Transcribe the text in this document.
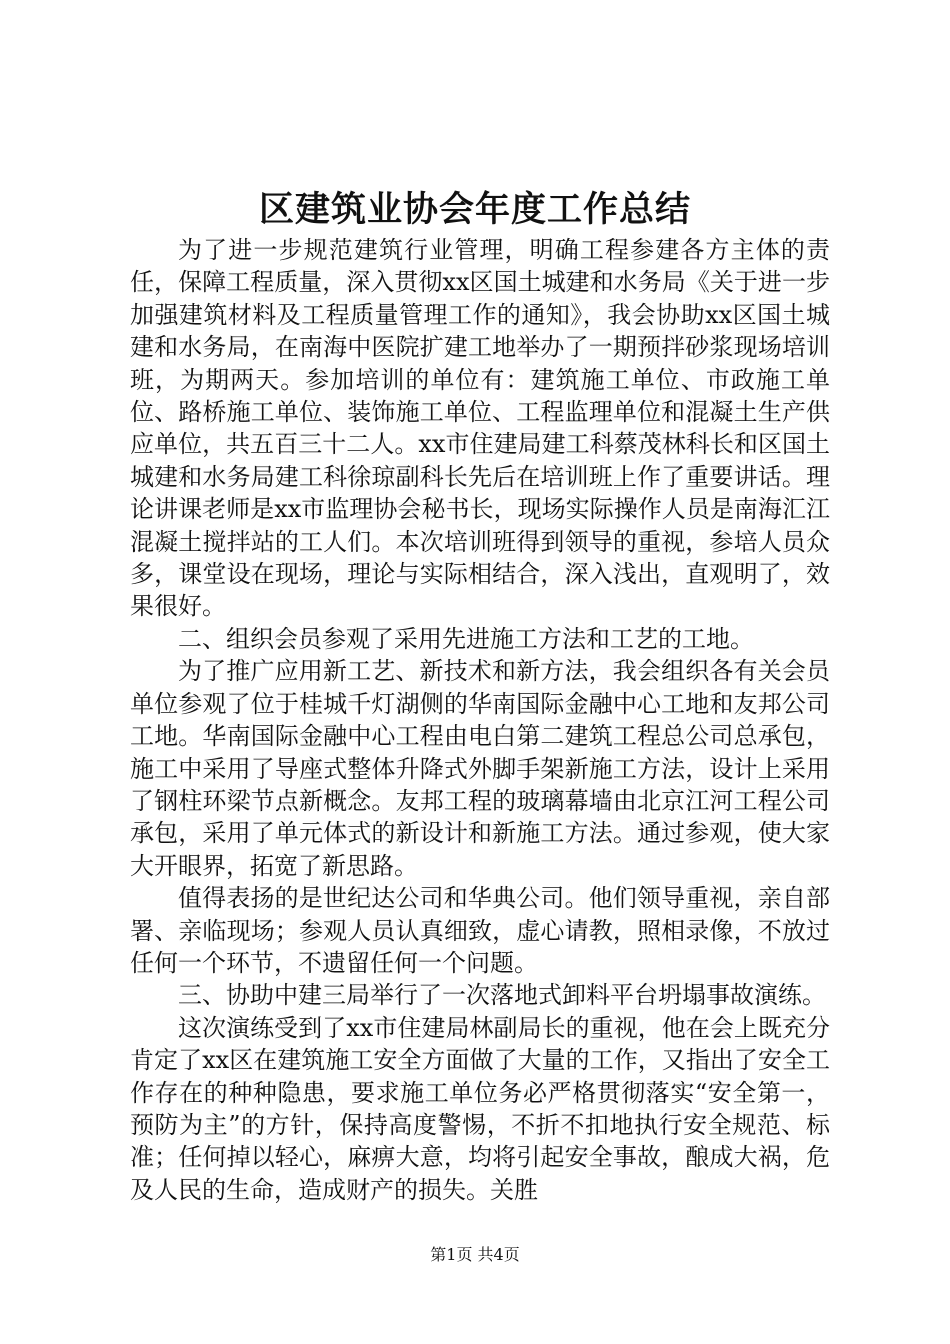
区建筑业协会年度工作总结

为了进一步规范建筑行业管理，明确工程参建各方主体的责任，保障工程质量，深入贯彻xx区国土城建和水务局《关于进一步加强建筑材料及工程质量管理工作的通知》，我会协助xx区国土城建和水务局，在南海中医院扩建工地举办了一期预拌砂浆现场培训班，为期两天。参加培训的单位有：建筑施工单位、市政施工单位、路桥施工单位、装饰施工单位、工程监理单位和混凝土生产供应单位，共五百三十二人。xx市住建局建工科蔡茂林科长和区国土城建和水务局建工科徐琼副科长先后在培训班上作了重要讲话。理论讲课老师是xx市监理协会秘书长，现场实际操作人员是南海汇江混凝土搅拌站的工人们。本次培训班得到领导的重视，参培人员众多，课堂设在现场，理论与实际相结合，深入浅出，直观明了，效果很好。

二、组织会员参观了采用先进施工方法和工艺的工地。

为了推广应用新工艺、新技术和新方法，我会组织各有关会员单位参观了位于桂城千灯湖侧的华南国际金融中心工地和友邦公司工地。华南国际金融中心工程由电白第二建筑工程总公司总承包，施工中采用了导座式整体升降式外脚手架新施工方法，设计上采用了钢柱环梁节点新概念。友邦工程的玻璃幕墙由北京江河工程公司承包，采用了单元体式的新设计和新施工方法。通过参观，使大家大开眼界，拓宽了新思路。

值得表扬的是世纪达公司和华典公司。他们领导重视，亲自部署、亲临现场；参观人员认真细致，虚心请教，照相录像，不放过任何一个环节，不遗留任何一个问题。

三、协助中建三局举行了一次落地式卸料平台坍塌事故演练。

这次演练受到了xx市住建局林副局长的重视，他在会上既充分肯定了xx区在建筑施工安全方面做了大量的工作，又指出了安全工作存在的种种隐患，要求施工单位务必严格贯彻落实“安全第一，预防为主”的方针，保持高度警惕，不折不扣地执行安全规范、标准；任何掉以轻心，麻痹大意，均将引起安全事故，酿成大祸，危及人民的生命，造成财产的损失。关胜

第1页 共4页
